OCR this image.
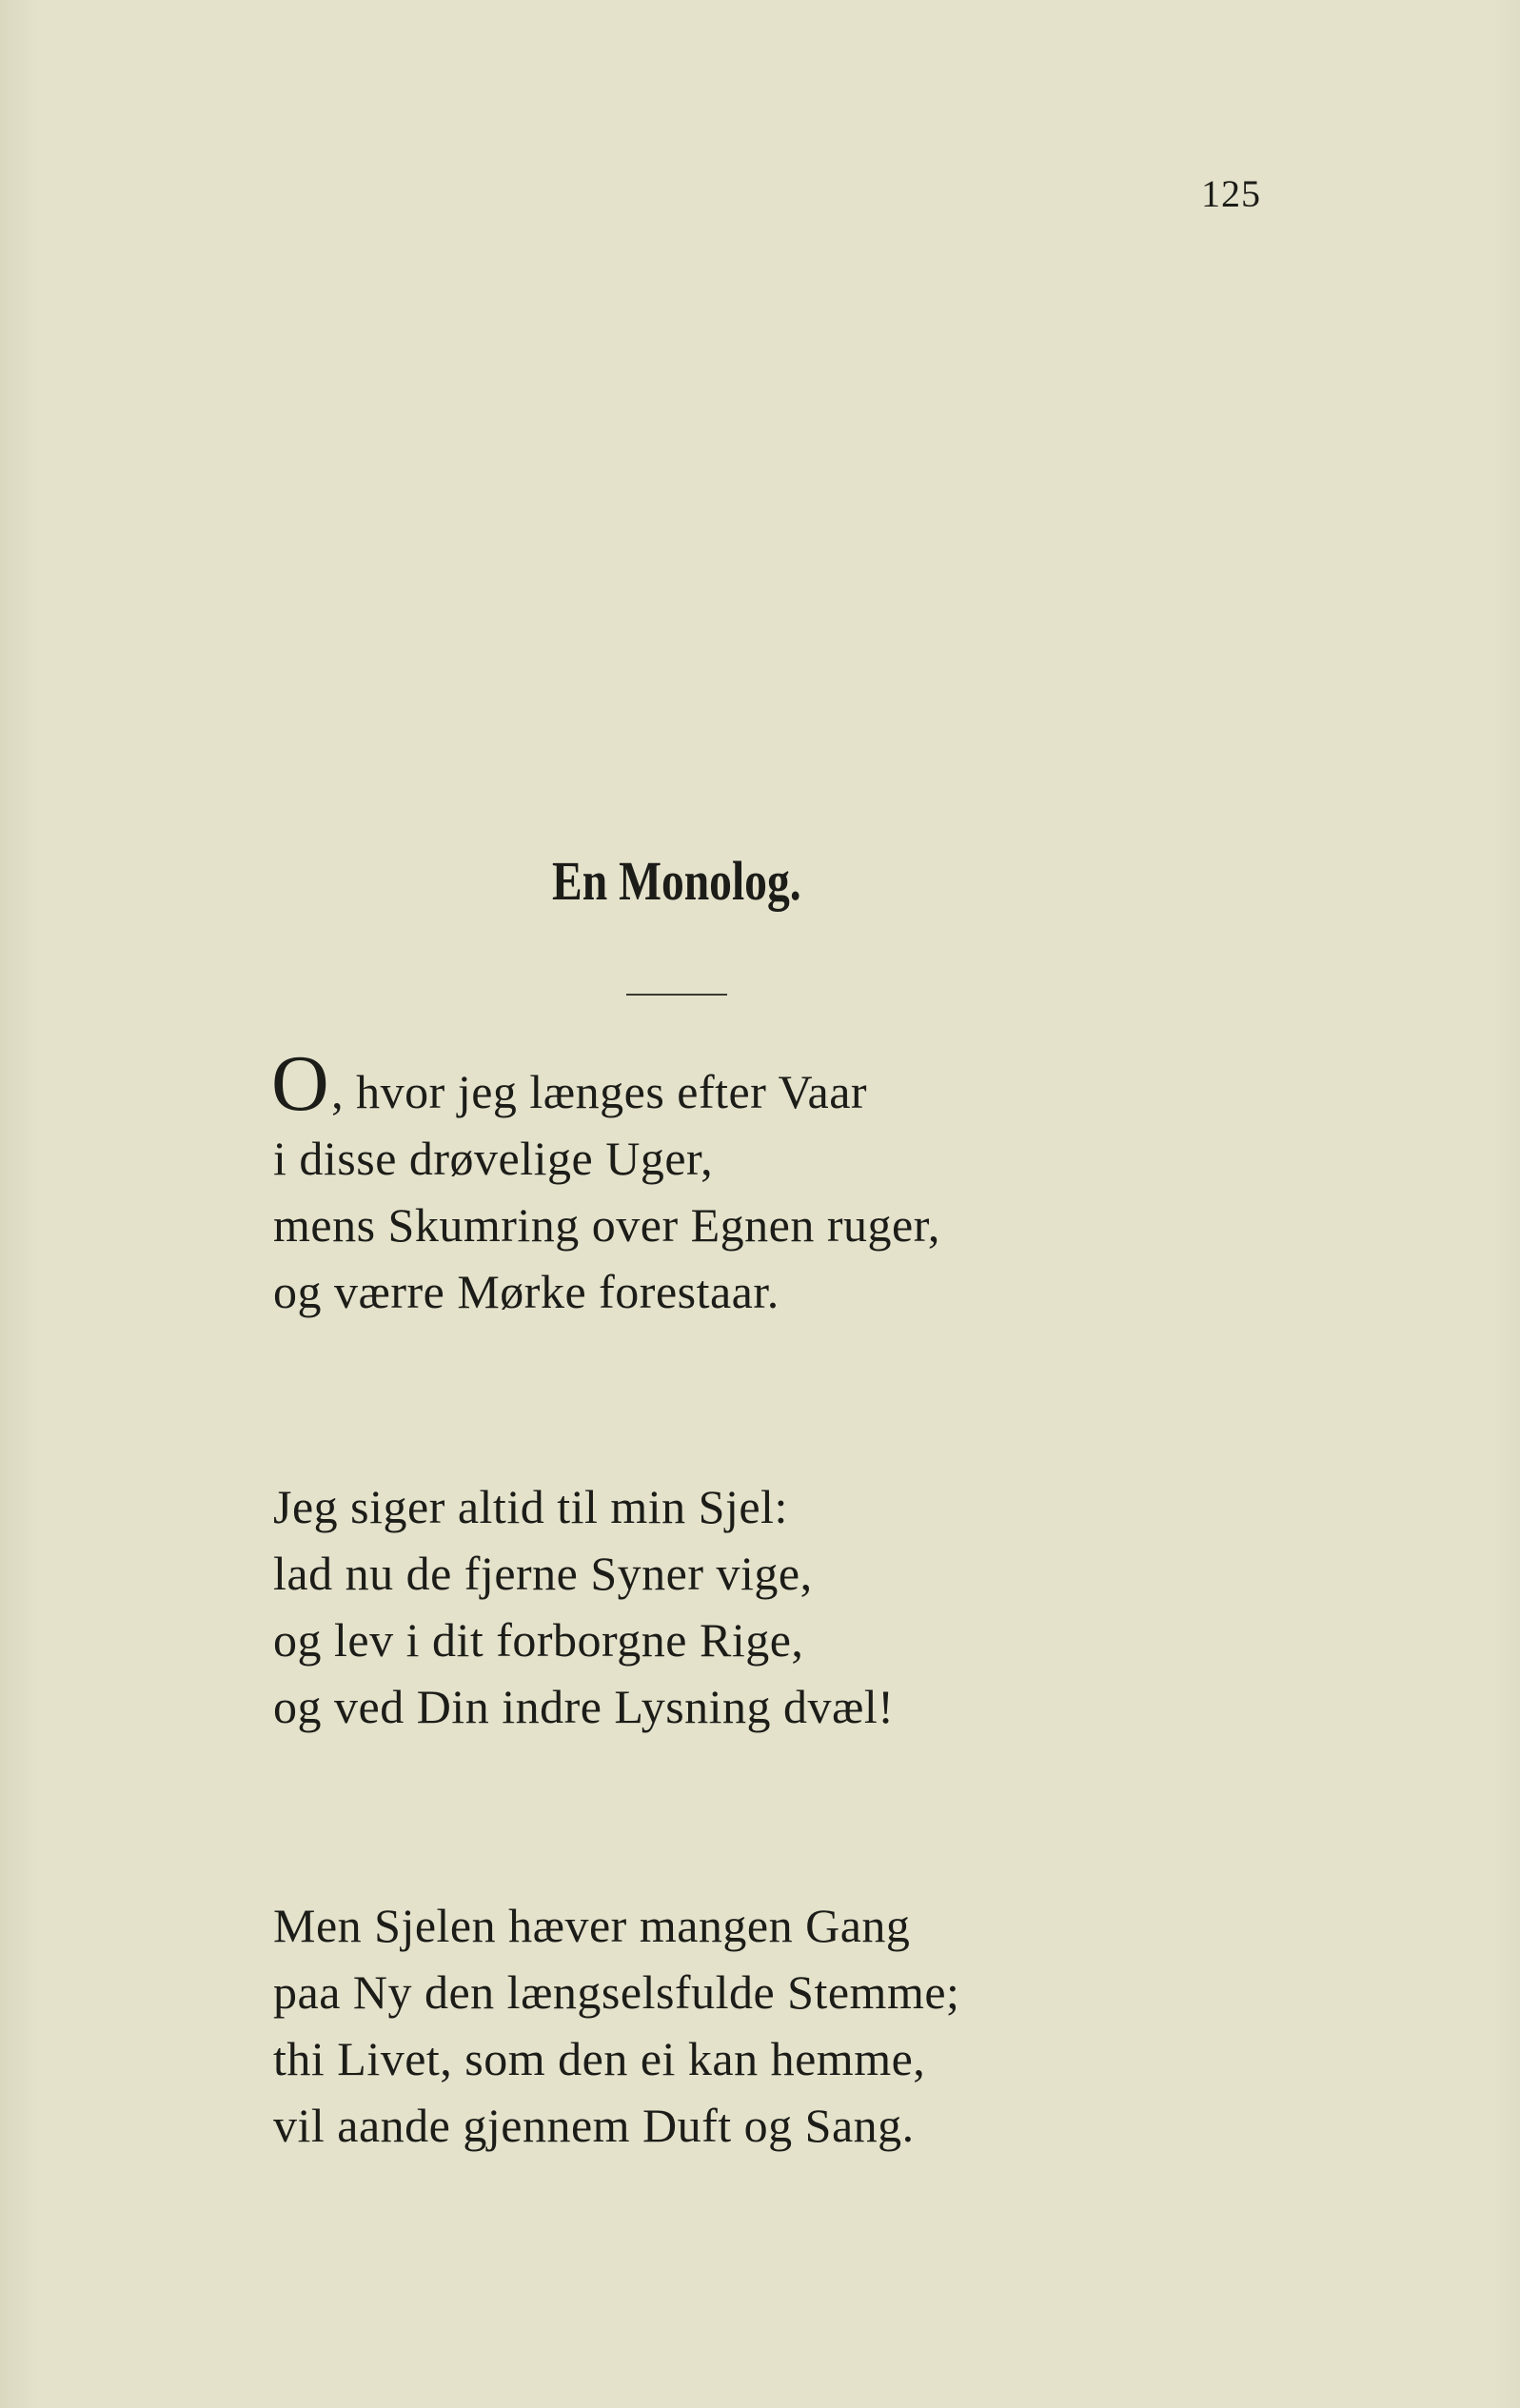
125
En Monolog.
O, hvor jeg længes efter Vaar
i disse drøvelige Uger,
mens Skumring over Egnen ruger,
og værre Mørke forestaar.
Jeg siger altid til min Sjel:
lad nu de fjerne Syner vige,
og lev i dit forborgne Rige,
og ved Din indre Lysning dvæl!
Men Sjelen hæver mangen Gang
paa Ny den længselsfulde Stemme;
thi Livet, som den ei kan hemme,
vil aande gjennem Duft og Sang.
